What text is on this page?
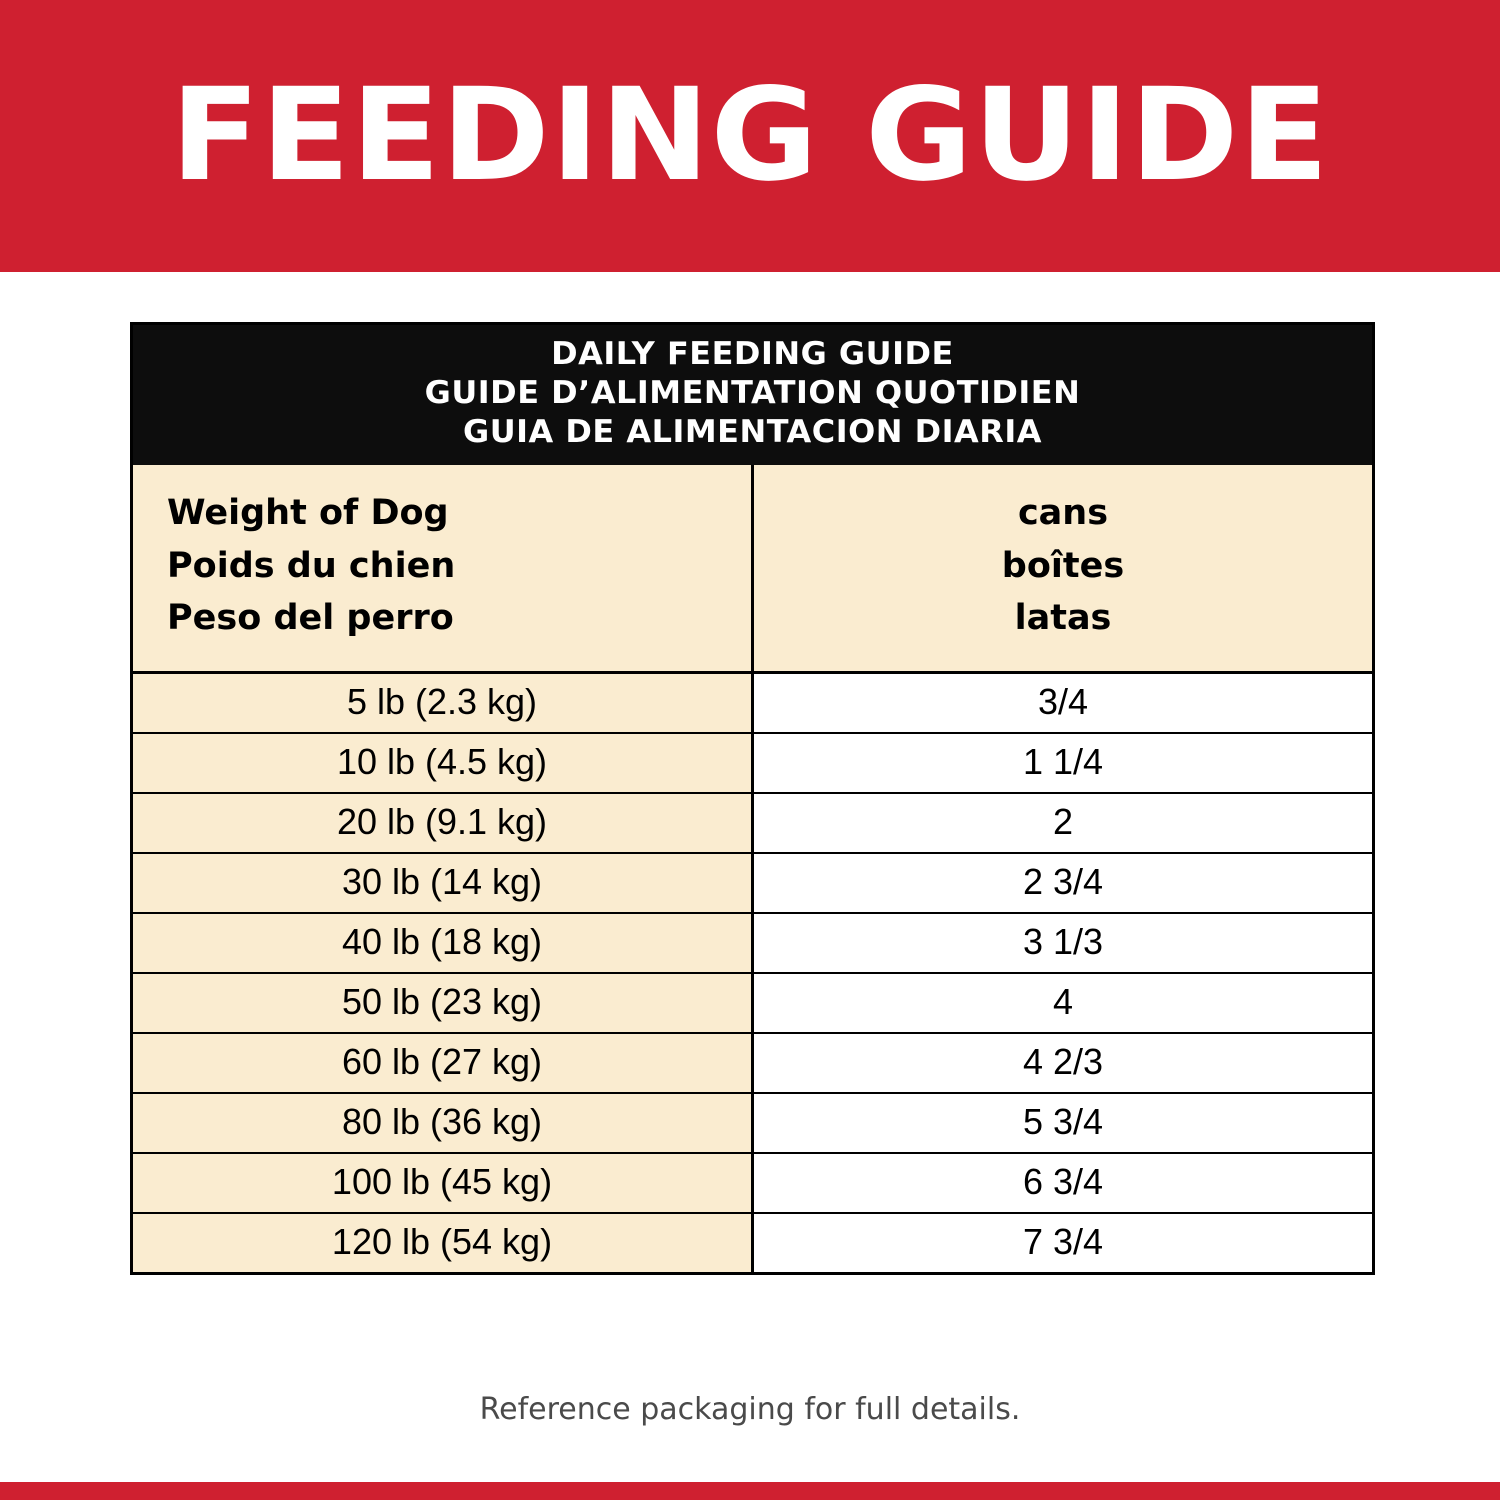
FEEDING GUIDE
DAILY FEEDING GUIDE
GUIDE D’ALIMENTATION QUOTIDIEN
GUIA DE ALIMENTACION DIARIA	

Weight of Dog
Poids du chien
Peso del perro

cans
boîtes
latas

5 lb (2.3 kg)	3/4
10 lb (4.5 kg)	1 1/4
20 lb (9.1 kg)	2
30 lb (14 kg)	2 3/4
40 lb (18 kg)	3 1/3
50 lb (23 kg)	4
60 lb (27 kg)	4 2/3
80 lb (36 kg)	5 3/4
100 lb (45 kg)	6 3/4
120 lb (54 kg)	7 3/4
Reference packaging for full details.
